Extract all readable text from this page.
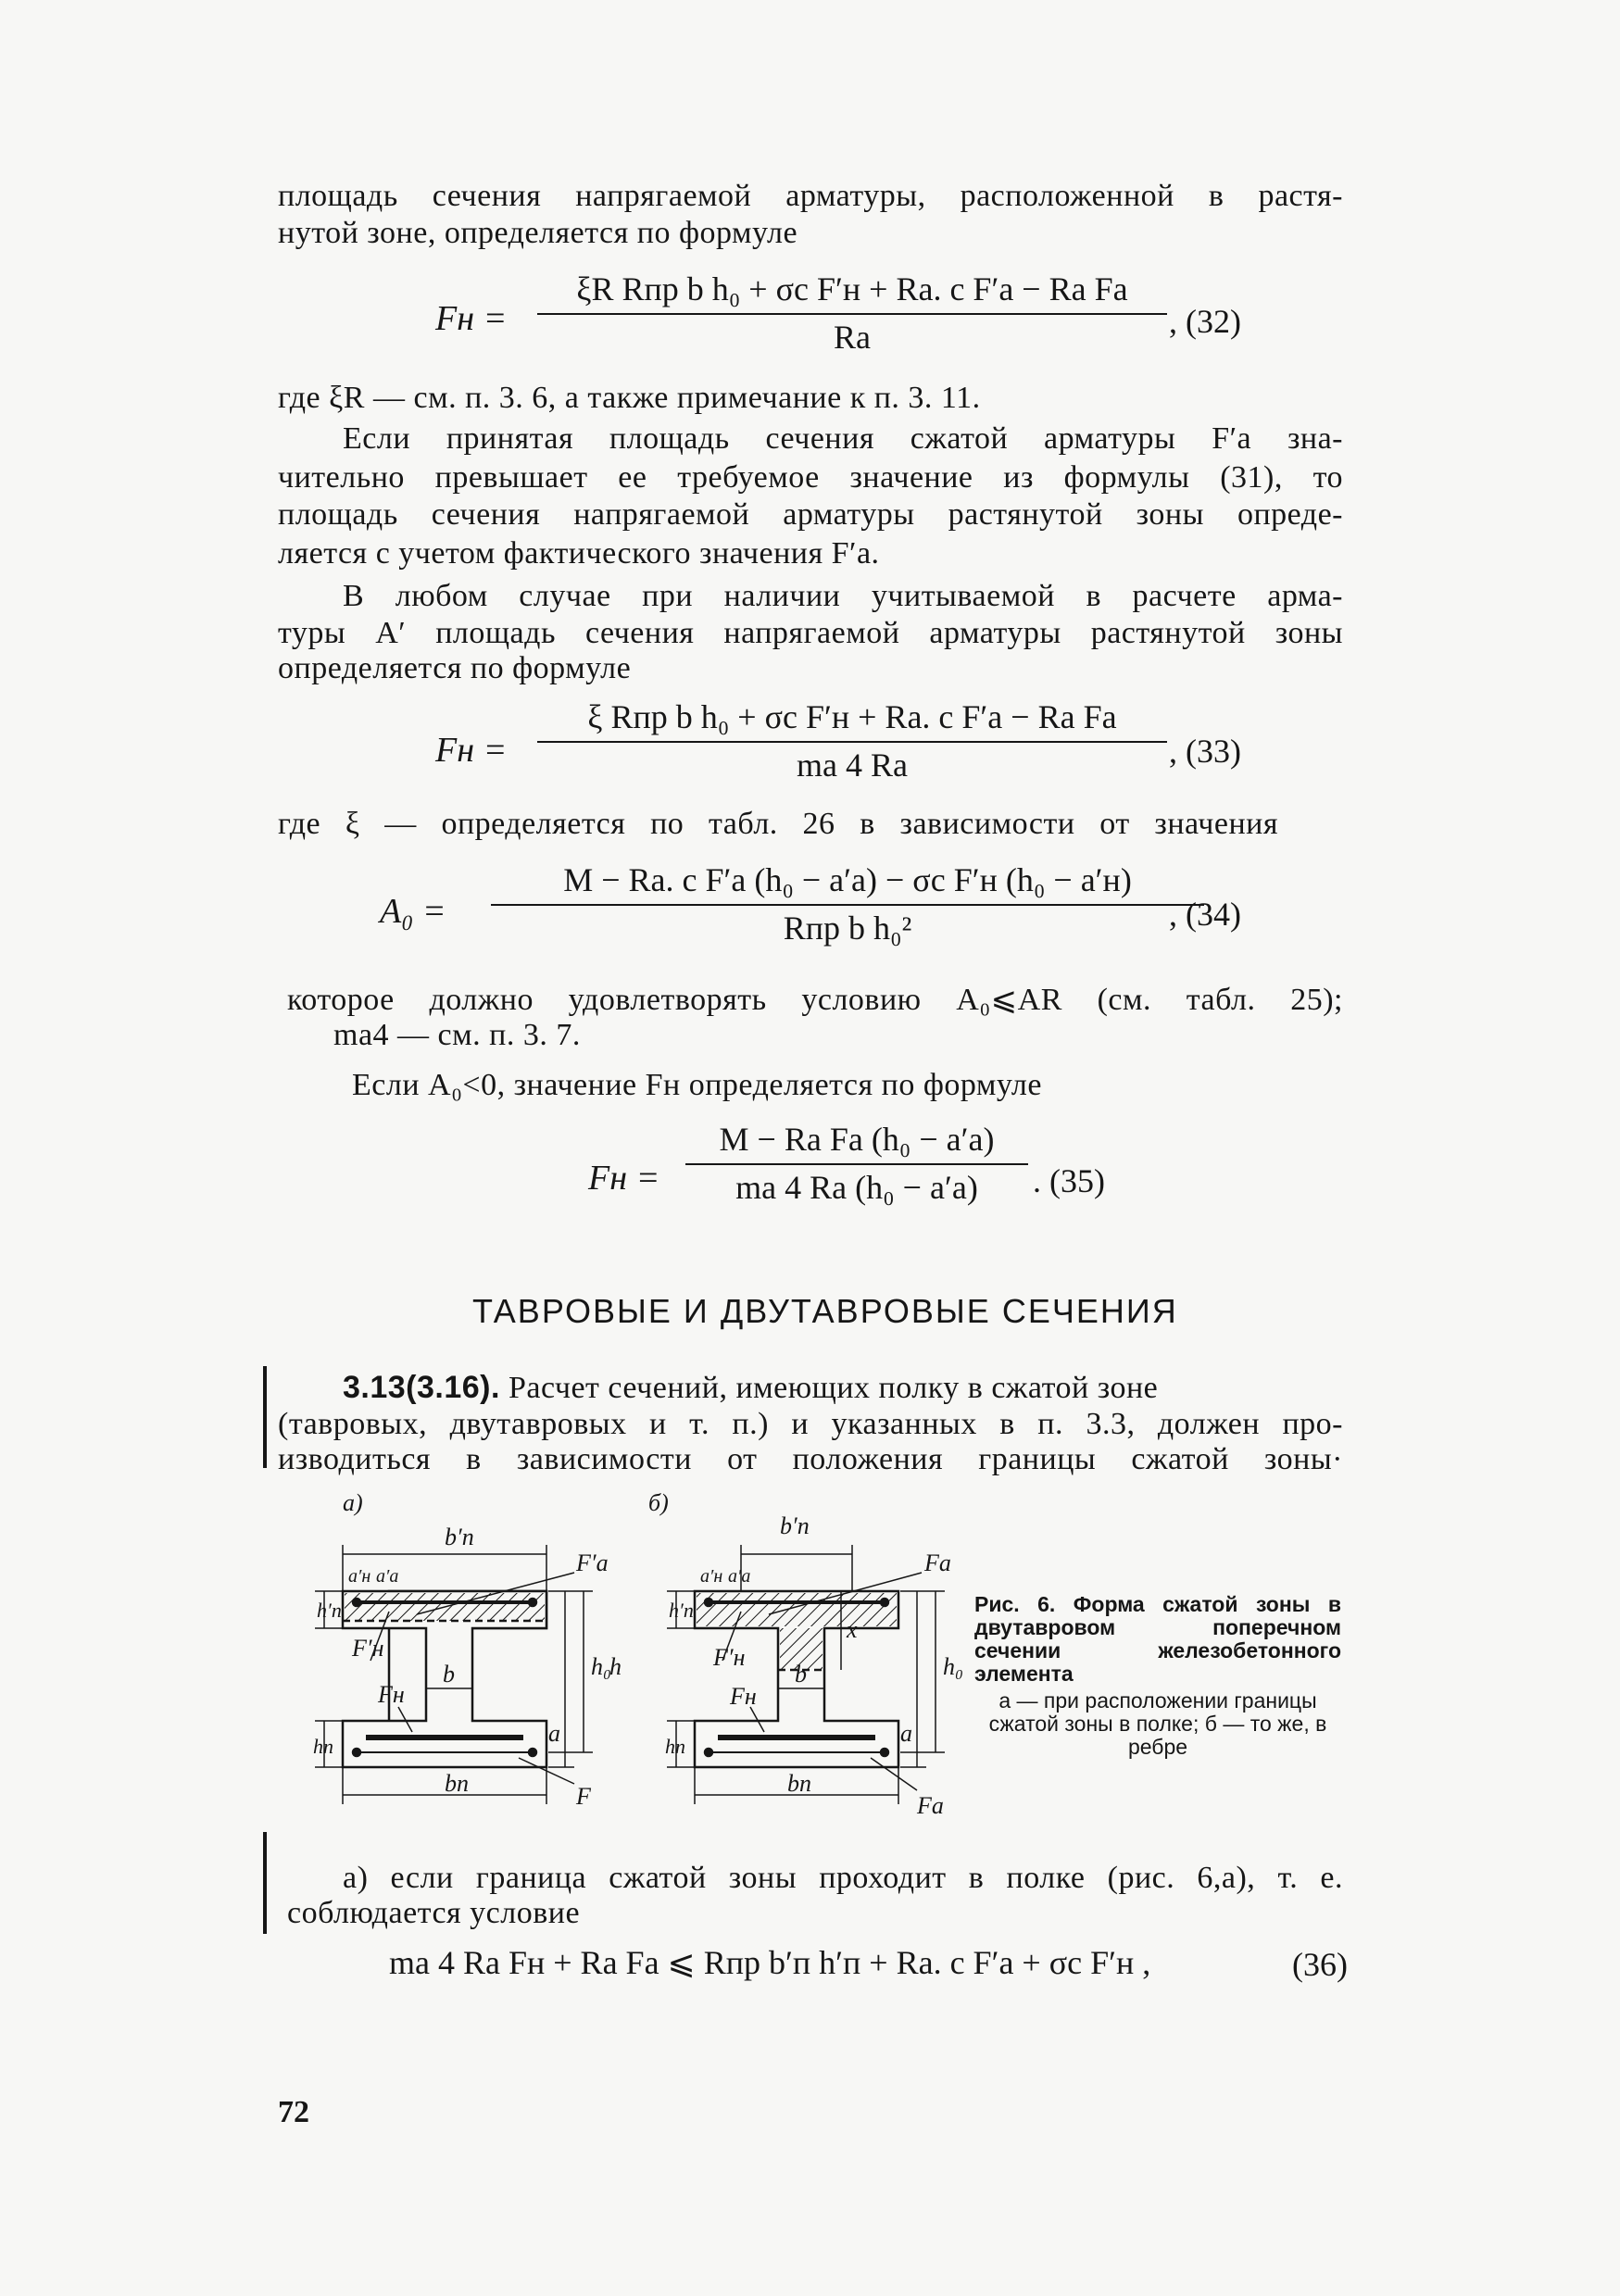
площадь сечения напрягаемой арматуры, расположенной в растя-
нутой зоне, определяется по формуле
Fн =
ξR Rпр b h₀ + σс F′н + Rа. с F′а − Rа Fа
Rа	, (32)
где ξR — см. п. 3. 6, а также примечание к п. 3. 11.
Если принятая площадь сечения сжатой арматуры F′а зна-
чительно превышает ее требуемое значение из формулы (31), то
площадь сечения напрягаемой арматуры растянутой зоны опреде-
ляется с учетом фактического значения F′а.
В любом случае при наличии учитываемой в расчете арма-
туры A′ площадь сечения напрягаемой арматуры растянутой зоны
определяется по формуле
Fн =
ξ Rпр b h₀ + σс F′н + Rа. с F′а − Rа Fа
mа 4 Rа	, (33)
где ξ — определяется по табл. 26 в зависимости от значения
A₀ =
M − Rа. с F′а (h₀ − a′а) − σс F′н (h₀ − a′н)
Rпр b h₀²	, (34)
которое должно удовлетворять условию A₀⩽AR (см. табл. 25);
mа4 — см. п. 3. 7.
Если A₀<0, значение Fн определяется по формуле
Fн =
M − Rа Fа (h₀ − a′а)
mа 4 Rа (h₀ − a′а) . (35)
ТАВРОВЫЕ И ДВУТАВРОВЫЕ СЕЧЕНИЯ
3.13(3.16). Расчет сечений, имеющих полку в сжатой зоне
(тавровых, двутавровых и т. п.) и указанных в п. 3.3, должен про-
изводиться в зависимости от положения границы сжатой зоны·
b′п
F′а
F′н
Fн
b
bп	F
a
h₀
h
h′п
hп
a′н a′а
b′п
Fа
F′н
Fн
b
x
bп
Fа
a
h₀
h′п
hп
a′н a′а
a)	б)
Рис. 6. Форма сжатой зоны в двутавровом поперечном сечении железобетонного элемента
а — при расположении границы сжатой зоны в полке; б — то же, в ребре
а) если граница сжатой зоны проходит в полке (рис. 6,а), т. е.
соблюдается условие
mа 4 Rа Fн + Rа Fа ⩽ Rпр b′п h′п + Rа. с F′а + σс F′н ,	(36)
72
